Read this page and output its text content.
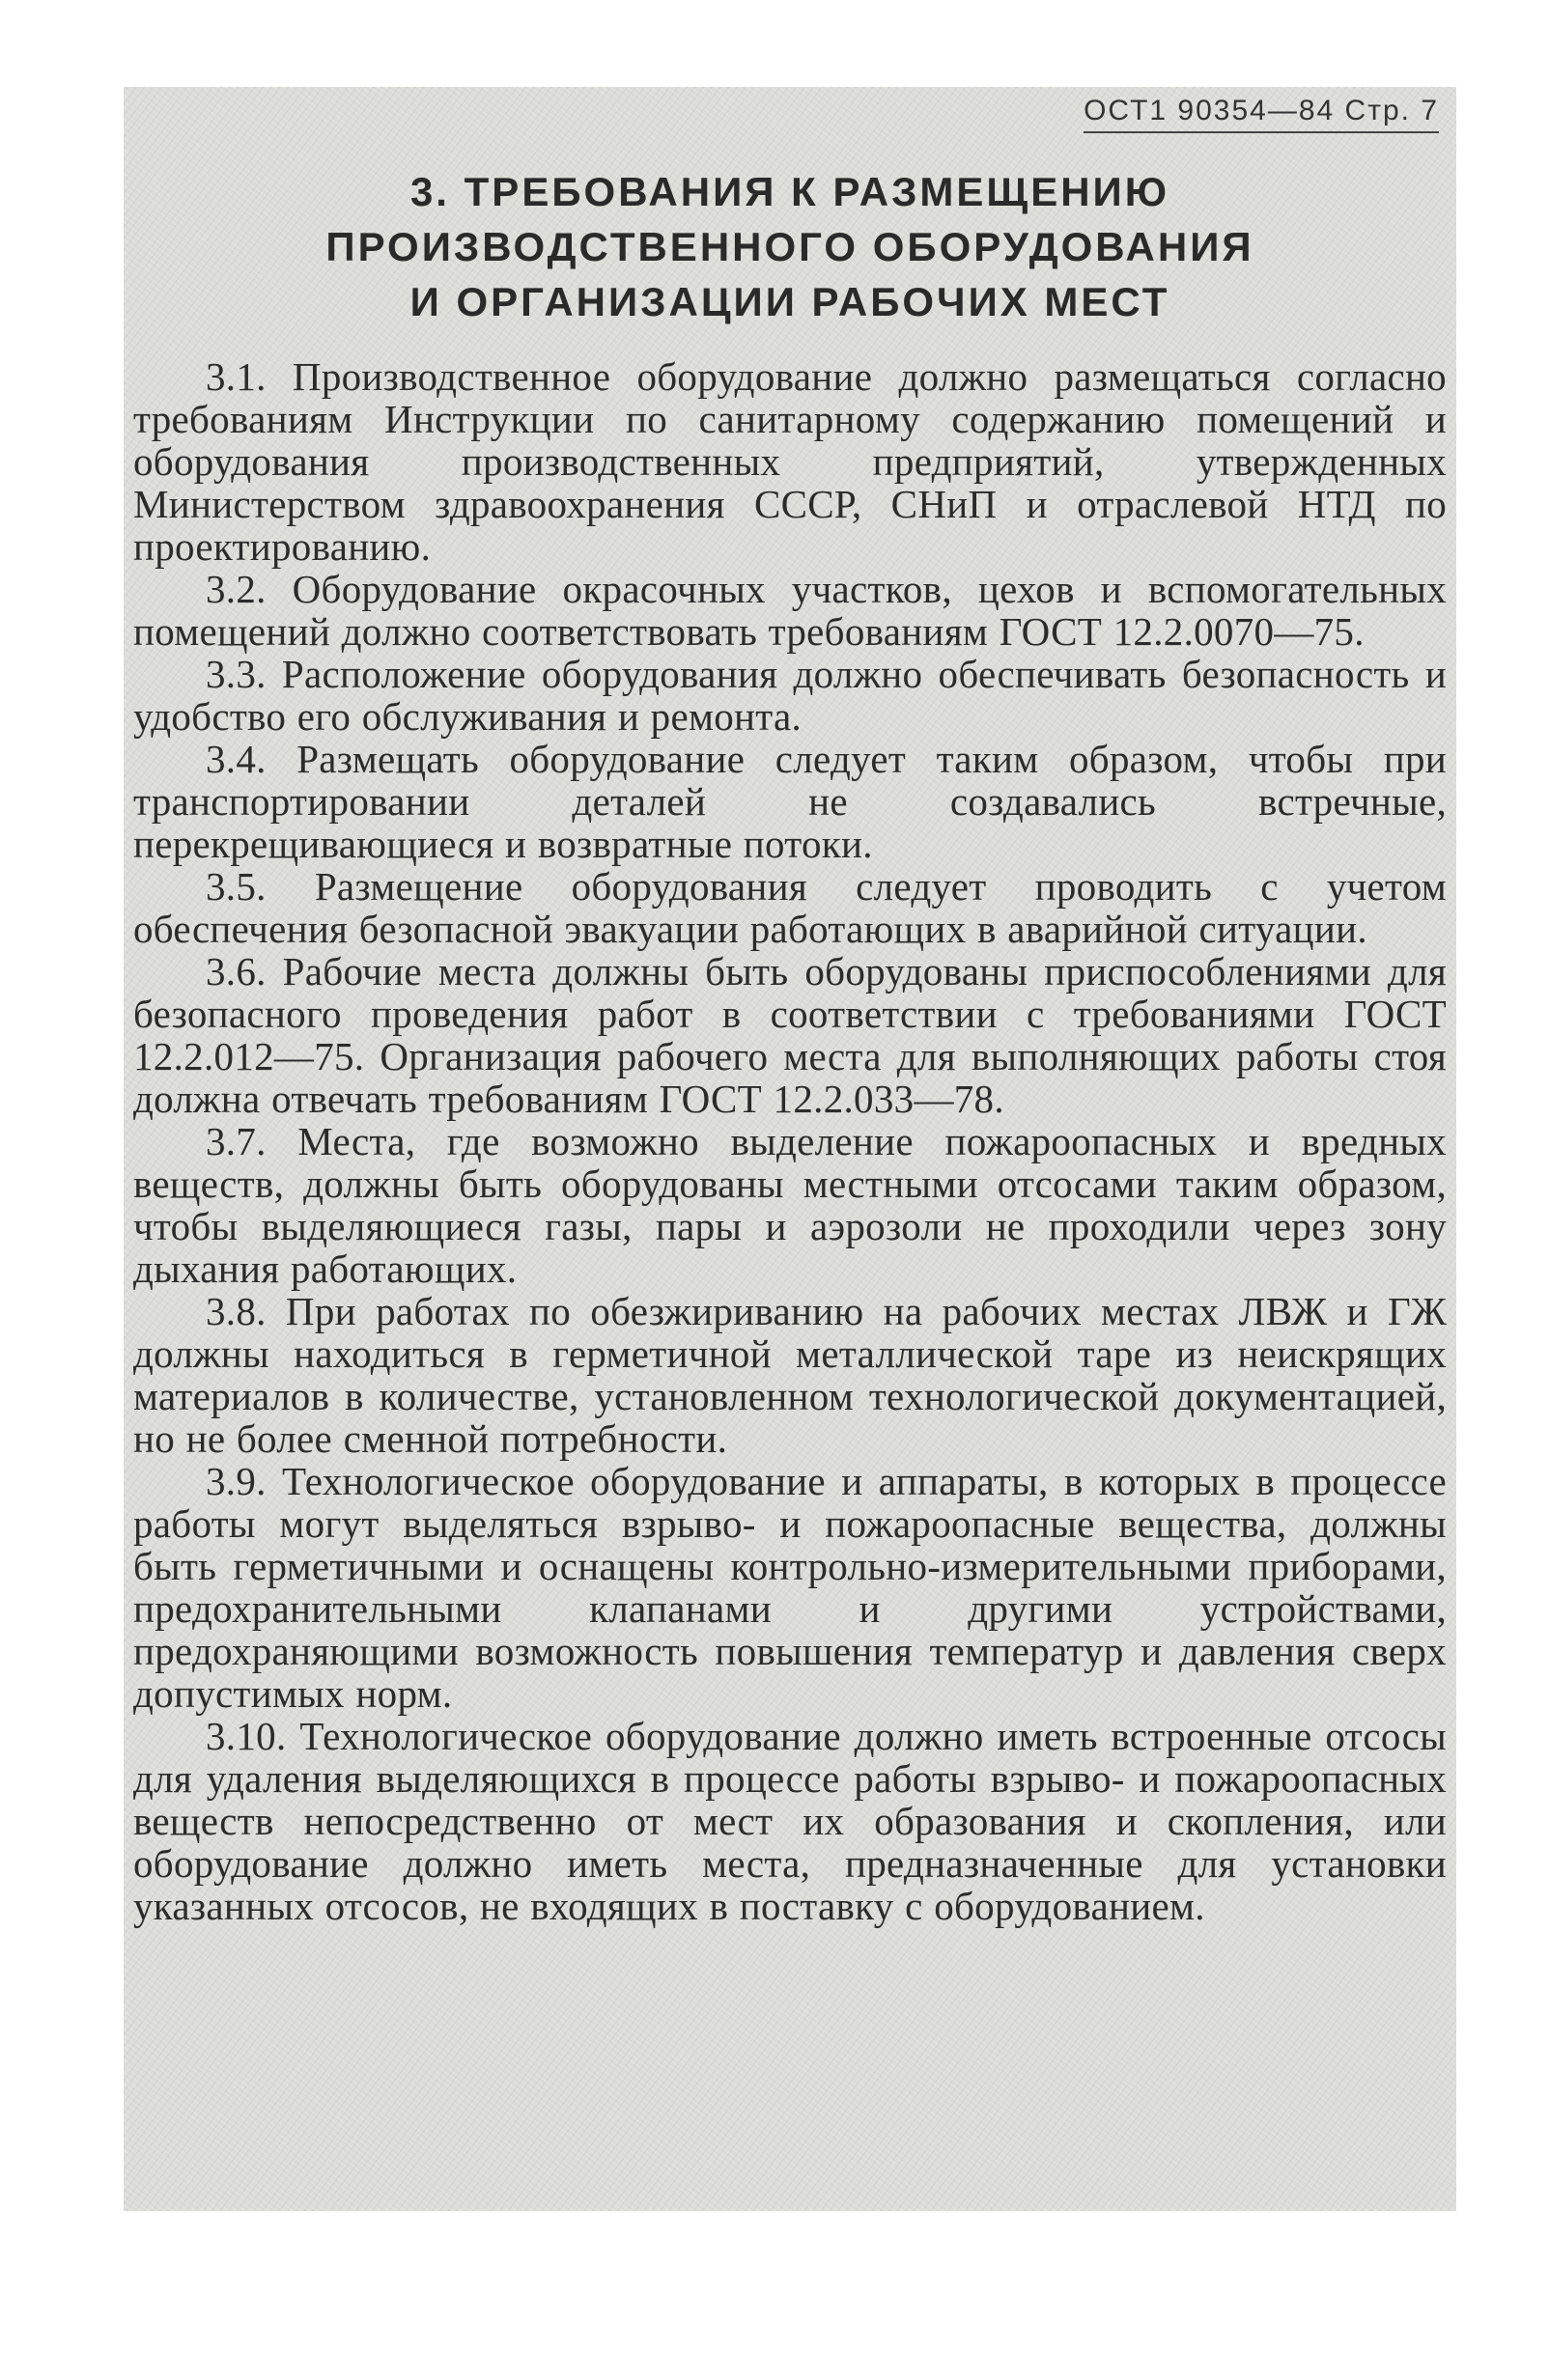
ОСТ1 90354—84 Стр. 7
3. ТРЕБОВАНИЯ К РАЗМЕЩЕНИЮ
ПРОИЗВОДСТВЕННОГО ОБОРУДОВАНИЯ
И ОРГАНИЗАЦИИ РАБОЧИХ МЕСТ

3.1. Производственное оборудование должно размещаться согласно требованиям Инструкции по санитарному содержанию помещений и оборудования производственных предприятий, утвержденных Министерством здравоохранения СССР, СНиП и отраслевой НТД по проектированию.

3.2. Оборудование окрасочных участков, цехов и вспомогательных помещений должно соответствовать требованиям ГОСТ 12.2.0070—75.

3.3. Расположение оборудования должно обеспечивать безопасность и удобство его обслуживания и ремонта.

3.4. Размещать оборудование следует таким образом, чтобы при транспортировании деталей не создавались встречные, перекрещивающиеся и возвратные потоки.

3.5. Размещение оборудования следует проводить с учетом обеспечения безопасной эвакуации работающих в аварийной ситуации.

3.6. Рабочие места должны быть оборудованы приспособлениями для безопасного проведения работ в соответствии с требованиями ГОСТ 12.2.012—75. Организация рабочего места для выполняющих работы стоя должна отвечать требованиям ГОСТ 12.2.033—78.

3.7. Места, где возможно выделение пожароопасных и вредных веществ, должны быть оборудованы местными отсосами таким образом, чтобы выделяющиеся газы, пары и аэрозоли не проходили через зону дыхания работающих.

3.8. При работах по обезжириванию на рабочих местах ЛВЖ и ГЖ должны находиться в герметичной металлической таре из неискрящих материалов в количестве, установленном технологической документацией, но не более сменной потребности.

3.9. Технологическое оборудование и аппараты, в которых в процессе работы могут выделяться взрыво- и пожароопасные вещества, должны быть герметичными и оснащены контрольно-измерительными приборами, предохранительными клапанами и другими устройствами, предохраняющими возможность повышения температур и давления сверх допустимых норм.

3.10. Технологическое оборудование должно иметь встроенные отсосы для удаления выделяющихся в процессе работы взрыво- и пожароопасных веществ непосредственно от мест их образования и скопления, или оборудование должно иметь места, предназначенные для установки указанных отсосов, не входящих в поставку с оборудованием.
